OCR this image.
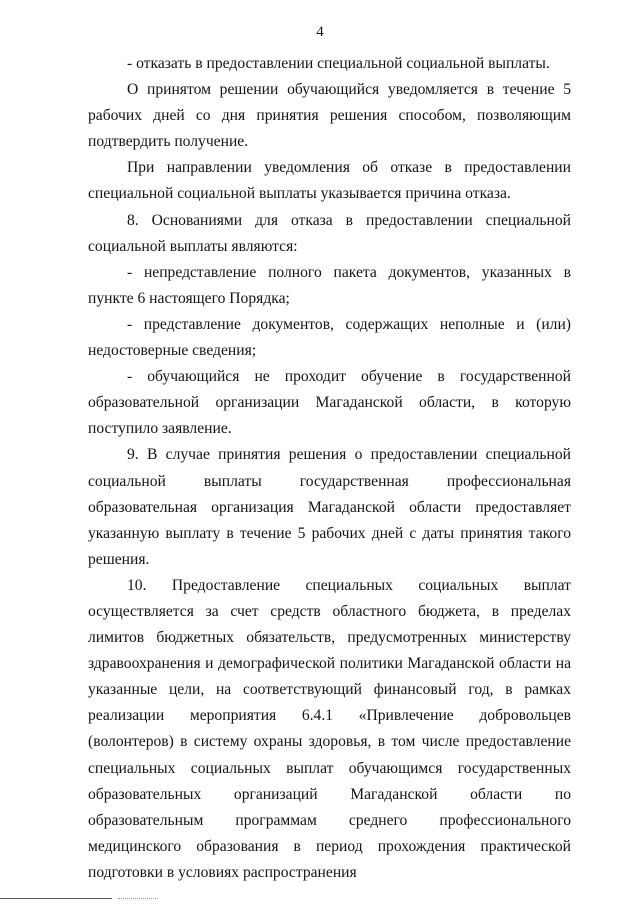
4

- отказать в предоставлении специальной социальной выплаты.

О принятом решении обучающийся уведомляется в течение 5 рабочих дней со дня принятия решения способом, позволяющим подтвердить получение.

При направлении уведомления об отказе в предоставлении специальной социальной выплаты указывается причина отказа.

8. Основаниями для отказа в предоставлении специальной социальной выплаты являются:

- непредставление полного пакета документов, указанных в пункте 6 настоящего Порядка;

- представление документов, содержащих неполные и (или) недостоверные сведения;

- обучающийся не проходит обучение в государственной образовательной организации Магаданской области, в которую поступило заявление.

9. В случае принятия решения о предоставлении специальной социальной выплаты государственная профессиональная образовательная организация Магаданской области предоставляет указанную выплату в течение 5 рабочих дней с даты принятия такого решения.

10. Предоставление специальных социальных выплат осуществляется за счет средств областного бюджета, в пределах лимитов бюджетных обязательств, предусмотренных министерству здравоохранения и демографической политики Магаданской области на указанные цели, на соответствующий финансовый год, в рамках реализации мероприятия 6.4.1 «Привлечение добровольцев (волонтеров) в систему охраны здоровья, в том числе предоставление специальных социальных выплат обучающимся государственных образовательных организаций Магаданской области по образовательным программам среднего профессионального медицинского образования в период прохождения практической подготовки в условиях распространения
